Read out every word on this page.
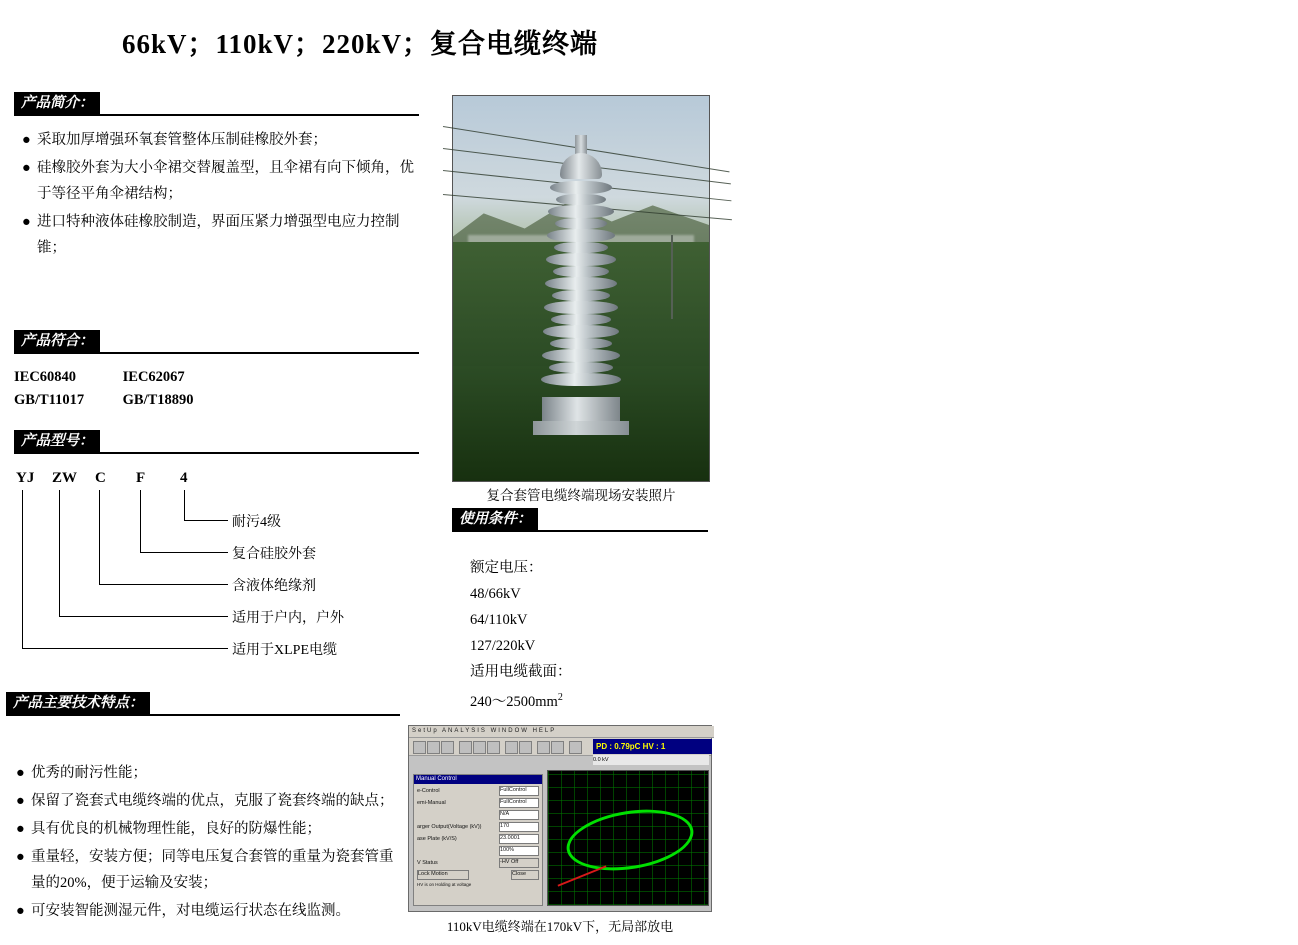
66kV；110kV；220kV；复合电缆终端
产品简介：
● 采取加厚增强环氧套管整体压制硅橡胶外套；
● 硅橡胶外套为大小伞裙交替履盖型，且伞裙有向下倾角，优于等径平角伞裙结构；
● 进口特种液体硅橡胶制造，界面压紧力增强型电应力控制锥；
产品符合：
IEC60840	IEC62067
GB/T11017	GB/T18890
产品型号：
YJ ZW C F 4
耐污4级
复合硅胶外套
含液体绝缘剂
适用于户内，户外
适用于XLPE电缆
产品主要技术特点：
● 优秀的耐污性能；
● 保留了瓷套式电缆终端的优点，克服了瓷套终端的缺点；
● 具有优良的机械物理性能，良好的防爆性能；
● 重量轻，安装方便；同等电压复合套管的重量为瓷套管重量的20%，便于运输及安装；
● 可安装智能测湿元件，对电缆运行状态在线监测。
复合套管电缆终端现场安装照片
使用条件：
额定电压：
48/66kV
64/110kV
127/220kV
适用电缆截面：
$240\sim 2500mm^2$
SetUp ANALYSIS WINDOW HELP
PD : 0.79pC HV : 1
0.0 kV
Manual Control
e-Control	FullControl
emi-Manual	FullControl
N/A
arger Output(Voltage (kV))	170
ase Plate (kV/S)	23.0001
100%
V Status	-HV Off
Lock Motion	Close
HV is on Holding at voltage
ELLIPTIC Noise Curve (mV)
110kV电缆终端在170kV下，无局部放电
